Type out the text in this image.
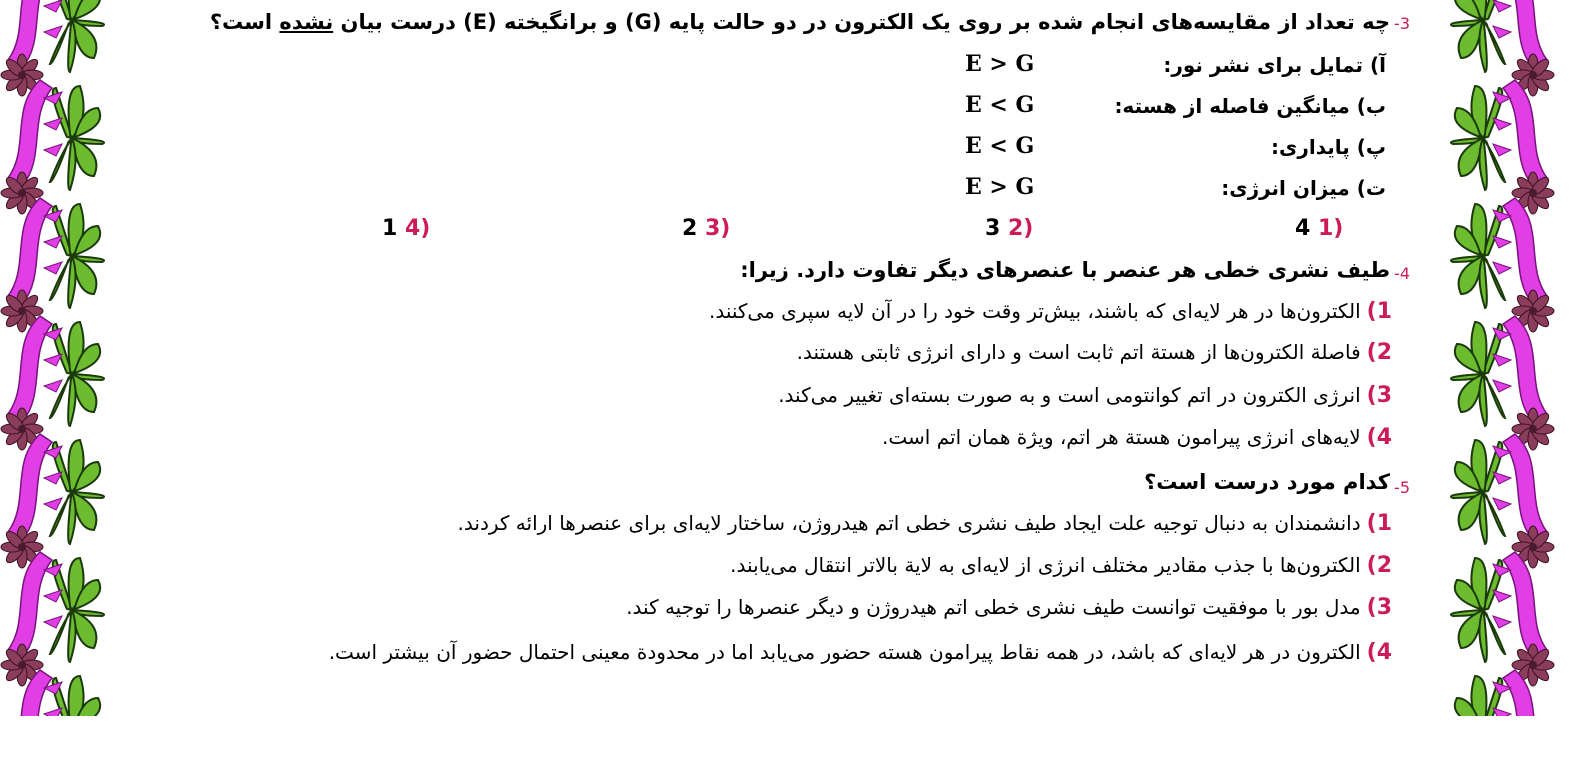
3-
چه تعداد از مقایسه‌های انجام شده بر روی یک الکترون در دو حالت پایه (G) و برانگیخته (E) درست بیان نشده است؟
آ) تمایل برای نشر نور:
E > G
ب) میانگین فاصله از هسته:
E < G
پ) پایداری:
E < G
ت) میزان انرژی:
E > G
4 1)
3 2)
2 3)
1 4)
4-
طیف نشری خطی هر عنصر با عنصرهای دیگر تفاوت دارد. زیرا:
1)الکترون‌ها در هر لایه‌ای که باشند، بیش‌تر وقت خود را در آن لایه سپری می‌کنند.
2)فاصلة الکترون‌ها از هستة اتم ثابت است و دارای انرژی ثابتی هستند.
3)انرژی الکترون در اتم کوانتومی است و به صورت بسته‌ای تغییر می‌کند.
4)لایه‌های انرژی پیرامون هستة هر اتم، ویژة همان اتم است.
5-
کدام مورد درست است؟
1)دانشمندان به دنبال توجیه علت ایجاد طیف نشری خطی اتم هیدروژن، ساختار لایه‌ای برای عنصرها ارائه کردند.
2)الکترون‌ها با جذب مقادیر مختلف انرژی از لایه‌ای به لایة بالاتر انتقال می‌یابند.
3)مدل بور با موفقیت توانست طیف نشری خطی اتم هیدروژن و دیگر عنصرها را توجیه کند.
4)الکترون در هر لایه‌ای که باشد، در همه نقاط پیرامون هسته حضور می‌یابد اما در محدودة معینی احتمال حضور آن بیشتر است.
